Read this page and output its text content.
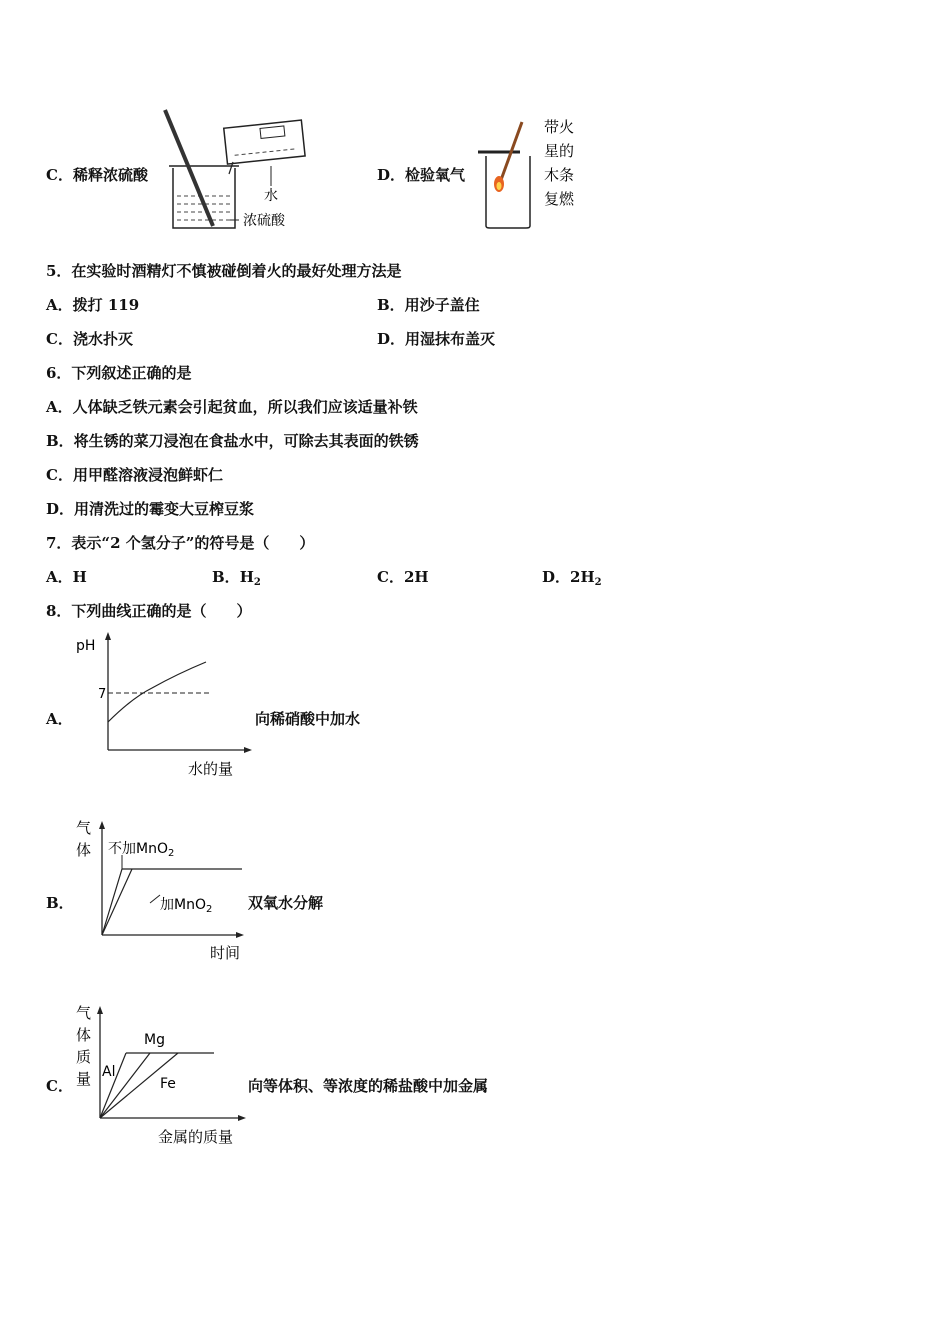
C．稀释浓硫酸
水
浓硫酸
D．检验氧气
带火
星的
木条
复燃
5．在实验时酒精灯不慎被碰倒着火的最好处理方法是
A．拨打 119	B．用沙子盖住
C．浇水扑灭	D．用湿抹布盖灭
6．下列叙述正确的是
A．人体缺乏铁元素会引起贫血，所以我们应该适量补铁
B．将生锈的菜刀浸泡在食盐水中，可除去其表面的铁锈
C．用甲醛溶液浸泡鲜虾仁
D．用清洗过的霉变大豆榨豆浆
7．表示“2 个氢分子”的符号是（　　）
A．H	B．$H_2$	C．2H	D．$2H_2$
8．下列曲线正确的是（　　）
A．
pH
7
水的量
向稀硝酸中加水
B．
气
体 不加MnO$_2$
加MnO$_2$
时间
双氧水分解
C．
气
体
质
量 Al
Mg
Fe
金属的质量
向等体积、等浓度的稀盐酸中加金属
